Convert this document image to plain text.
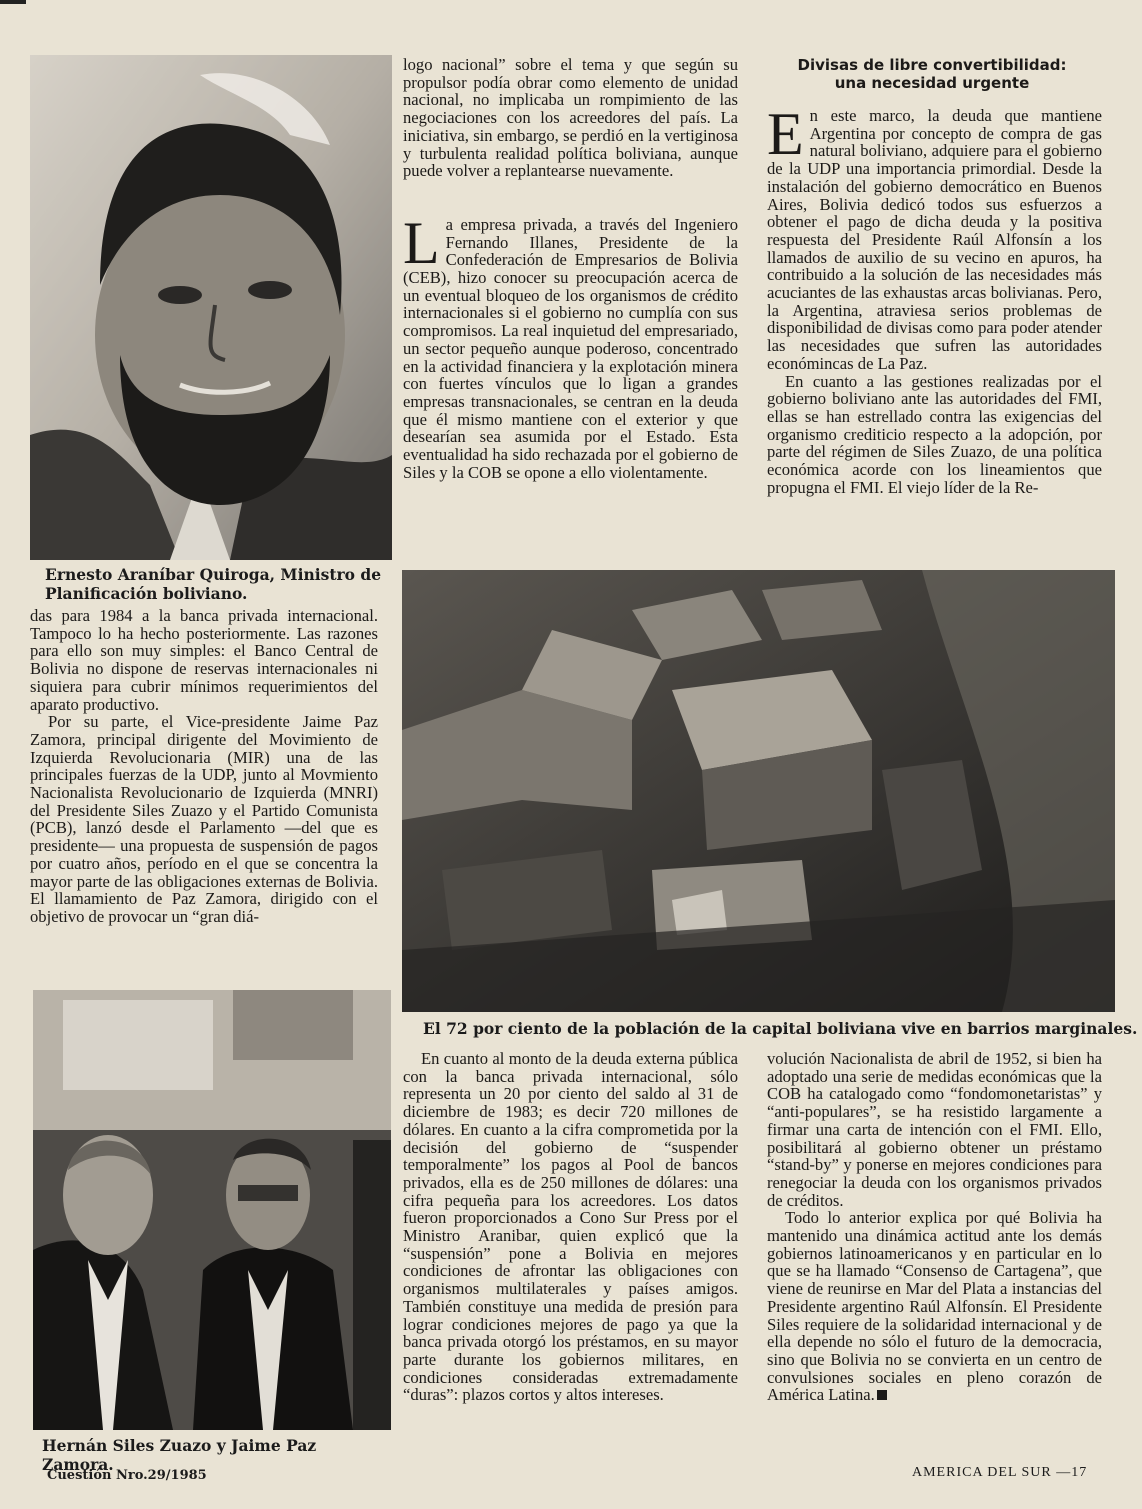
Ernesto Araníbar Quiroga, Ministro de Planificación boliviano.

das para 1984 a la banca privada internacional. Tampoco lo ha hecho posteriormente. Las razones para ello son muy simples: el Banco Central de Bolivia no dispone de reservas internacionales ni siquiera para cubrir mínimos requerimientos del aparato productivo.

Por su parte, el Vice-presidente Jaime Paz Zamora, principal dirigente del Movimiento de Izquierda Revolucionaria (MIR) una de las principales fuerzas de la UDP, junto al Movmiento Nacionalista Revolucionario de Izquierda (MNRI) del Presidente Siles Zuazo y el Partido Comunista (PCB), lanzó desde el Parlamento —del que es presidente— una propuesta de suspensión de pagos por cuatro años, período en el que se concentra la mayor parte de las obligaciones externas de Bolivia. El llamamiento de Paz Zamora, dirigido con el objetivo de provocar un “gran diá-

Hernán Siles Zuazo y Jaime Paz Zamora.

logo nacional” sobre el tema y que según su propulsor podía obrar como elemento de unidad nacional, no implicaba un rompimiento de las negociaciones con los acreedores del país. La iniciativa, sin embargo, se perdió en la vertiginosa y turbulenta realidad política boliviana, aunque puede volver a replantearse nuevamente.

La empresa privada, a través del Ingeniero Fernando Illanes, Presidente de la Confederación de Empresarios de Bolivia (CEB), hizo conocer su preocupación acerca de un eventual bloqueo de los organismos de crédito internacionales si el gobierno no cumplía con sus compromisos. La real inquietud del empresariado, un sector pequeño aunque poderoso, concentrado en la actividad financiera y la explotación minera con fuertes vínculos que lo ligan a grandes empresas transnacionales, se centran en la deuda que él mismo mantiene con el exterior y que desearían sea asumida por el Estado. Esta eventualidad ha sido rechazada por el gobierno de Siles y la COB se opone a ello violentamente.

Divisas de libre convertibilidad:
una necesidad urgente

En este marco, la deuda que mantiene Argentina por concepto de compra de gas natural boliviano, adquiere para el gobierno de la UDP una importancia primordial. Desde la instalación del gobierno democrático en Buenos Aires, Bolivia dedicó todos sus esfuerzos a obtener el pago de dicha deuda y la positiva respuesta del Presidente Raúl Alfonsín a los llamados de auxilio de su vecino en apuros, ha contribuido a la solución de las necesidades más acuciantes de las exhaustas arcas bolivianas. Pero, la Argentina, atraviesa serios problemas de disponibilidad de divisas como para poder atender las necesidades que sufren las autoridades económincas de La Paz.

En cuanto a las gestiones realizadas por el gobierno boliviano ante las autoridades del FMI, ellas se han estrellado contra las exigencias del organismo crediticio respecto a la adopción, por parte del régimen de Siles Zuazo, de una política económica acorde con los lineamientos que propugna el FMI. El viejo líder de la Re-

El 72 por ciento de la población de la capital boliviana vive en barrios marginales.

En cuanto al monto de la deuda externa pública con la banca privada internacional, sólo representa un 20 por ciento del saldo al 31 de diciembre de 1983; es decir 720 millones de dólares. En cuanto a la cifra comprometida por la decisión del gobierno de “suspender temporalmente” los pagos al Pool de bancos privados, ella es de 250 millones de dólares: una cifra pequeña para los acreedores. Los datos fueron proporcionados a Cono Sur Press por el Ministro Aranibar, quien explicó que la “suspensión” pone a Bolivia en mejores condiciones de afrontar las obligaciones con organismos multilaterales y países amigos. También constituye una medida de presión para lograr condiciones mejores de pago ya que la banca privada otorgó los préstamos, en su mayor parte durante los gobiernos militares, en condiciones consideradas extremadamente “duras”: plazos cortos y altos intereses.

volución Nacionalista de abril de 1952, si bien ha adoptado una serie de medidas económicas que la COB ha catalogado como “fondomonetaristas” y “anti-populares”, se ha resistido largamente a firmar una carta de intención con el FMI. Ello, posibilitará al gobierno obtener un préstamo “stand-by” y ponerse en mejores condiciones para renegociar la deuda con los organismos privados de créditos.

Todo lo anterior explica por qué Bolivia ha mantenido una dinámica actitud ante los demás gobiernos latinoamericanos y en particular en lo que se ha llamado “Consenso de Cartagena”, que viene de reunirse en Mar del Plata a instancias del Presidente argentino Raúl Alfonsín. El Presidente Siles requiere de la solidaridad internacional y de ella depende no sólo el futuro de la democracia, sino que Bolivia no se convierta en un centro de convulsiones sociales en pleno corazón de América Latina.

Cuestión Nro.29/1985	AMERICA DEL SUR —17
